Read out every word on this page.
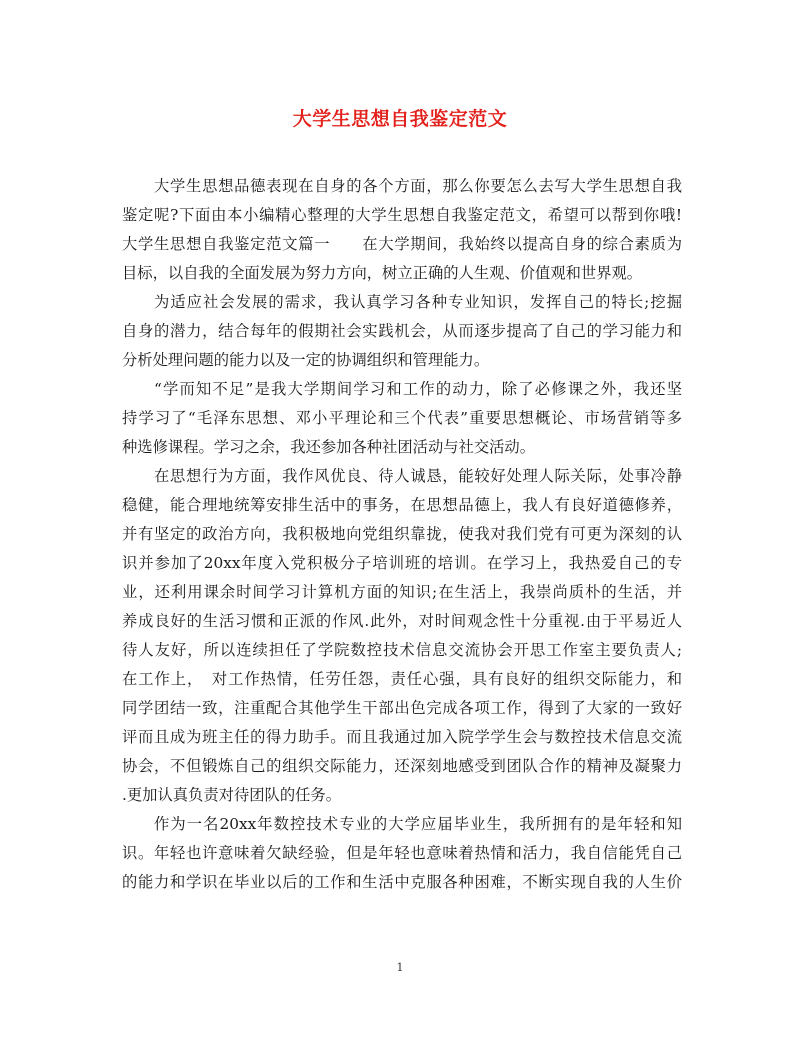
大学生思想自我鉴定范文
大学生思想品德表现在自身的各个方面，那么你要怎么去写大学生思想自我
鉴定呢?下面由本小编精心整理的大学生思想自我鉴定范文，希望可以帮到你哦!
大学生思想自我鉴定范文篇一　　在大学期间，我始终以提高自身的综合素质为
目标，以自我的全面发展为努力方向，树立正确的人生观、价值观和世界观。
为适应社会发展的需求，我认真学习各种专业知识，发挥自己的特长;挖掘
自身的潜力，结合每年的假期社会实践机会，从而逐步提高了自己的学习能力和
分析处理问题的能力以及一定的协调组织和管理能力。
“学而知不足”是我大学期间学习和工作的动力，除了必修课之外，我还坚
持学习了“毛泽东思想、邓小平理论和三个代表”重要思想概论、市场营销等多
种选修课程。学习之余，我还参加各种社团活动与社交活动。
在思想行为方面，我作风优良、待人诚恳，能较好处理人际关际，处事冷静
稳健，能合理地统筹安排生活中的事务，在思想品德上，我人有良好道德修养，
并有坚定的政治方向，我积极地向党组织靠拢，使我对我们党有可更为深刻的认
识并参加了20xx年度入党积极分子培训班的培训。在学习上，我热爱自己的专
业，还利用课余时间学习计算机方面的知识;在生活上，我崇尚质朴的生活，并
养成良好的生活习惯和正派的作风.此外，对时间观念性十分重视.由于平易近人
待人友好，所以连续担任了学院数控技术信息交流协会开思工作室主要负责人;
在工作上，　对工作热情，任劳任怨，责任心强，具有良好的组织交际能力，和
同学团结一致，注重配合其他学生干部出色完成各项工作，得到了大家的一致好
评而且成为班主任的得力助手。而且我通过加入院学学生会与数控技术信息交流
协会，不但锻炼自己的组织交际能力，还深刻地感受到团队合作的精神及凝聚力
.更加认真负责对待团队的任务。
作为一名20xx年数控技术专业的大学应届毕业生，我所拥有的是年轻和知
识。年轻也许意味着欠缺经验，但是年轻也意味着热情和活力，我自信能凭自己
的能力和学识在毕业以后的工作和生活中克服各种困难，不断实现自我的人生价
1
